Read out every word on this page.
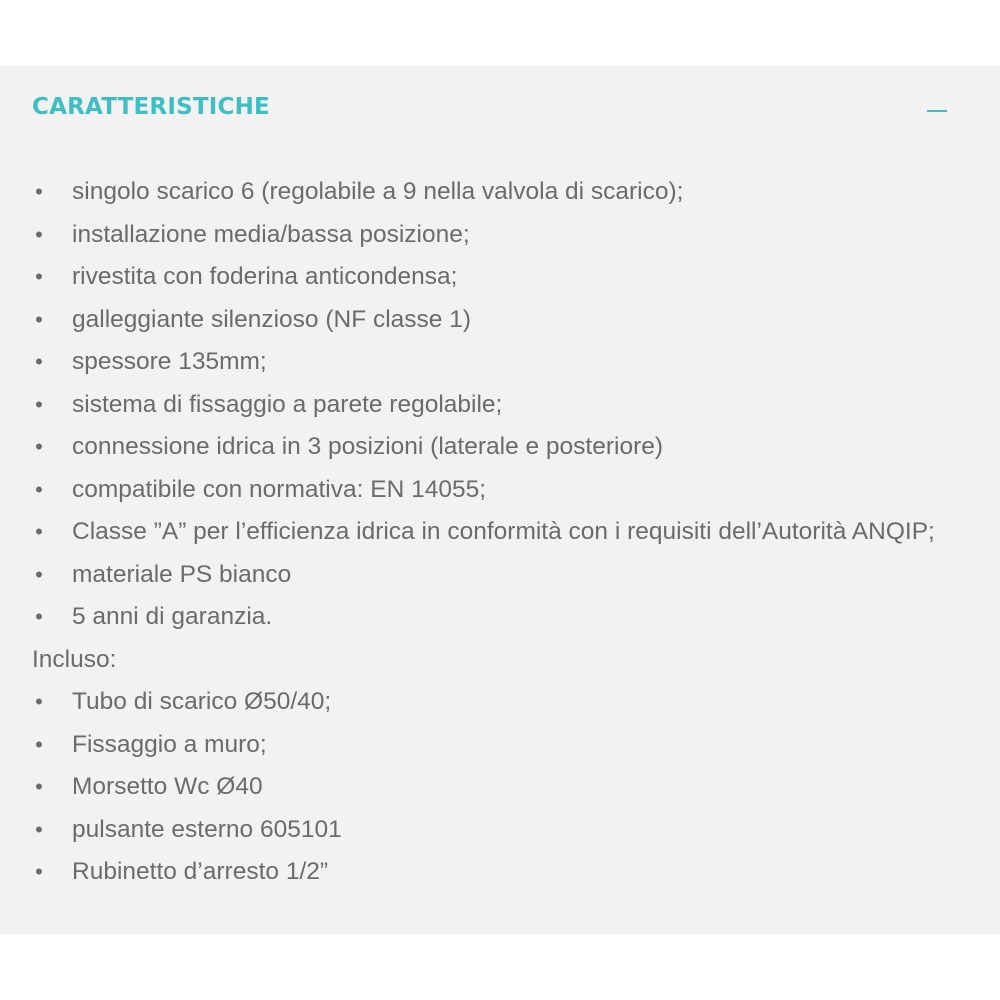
CARATTERISTICHE
•singolo scarico 6 (regolabile a 9 nella valvola di scarico);
•installazione media/bassa posizione;
•rivestita con foderina anticondensa;
•galleggiante silenzioso (NF classe 1)
•spessore 135mm;
•sistema di fissaggio a parete regolabile;
•connessione idrica in 3 posizioni (laterale e posteriore)
•compatibile con normativa: EN 14055;
•Classe ”A” per l’efficienza idrica in conformità con i requisiti dell’Autorità ANQIP;
•materiale PS bianco
•5 anni di garanzia.

Incluso:

•Tubo di scarico Ø50/40;
•Fissaggio a muro;
•Morsetto Wc Ø40
•pulsante esterno 605101
•Rubinetto d’arresto 1/2”
